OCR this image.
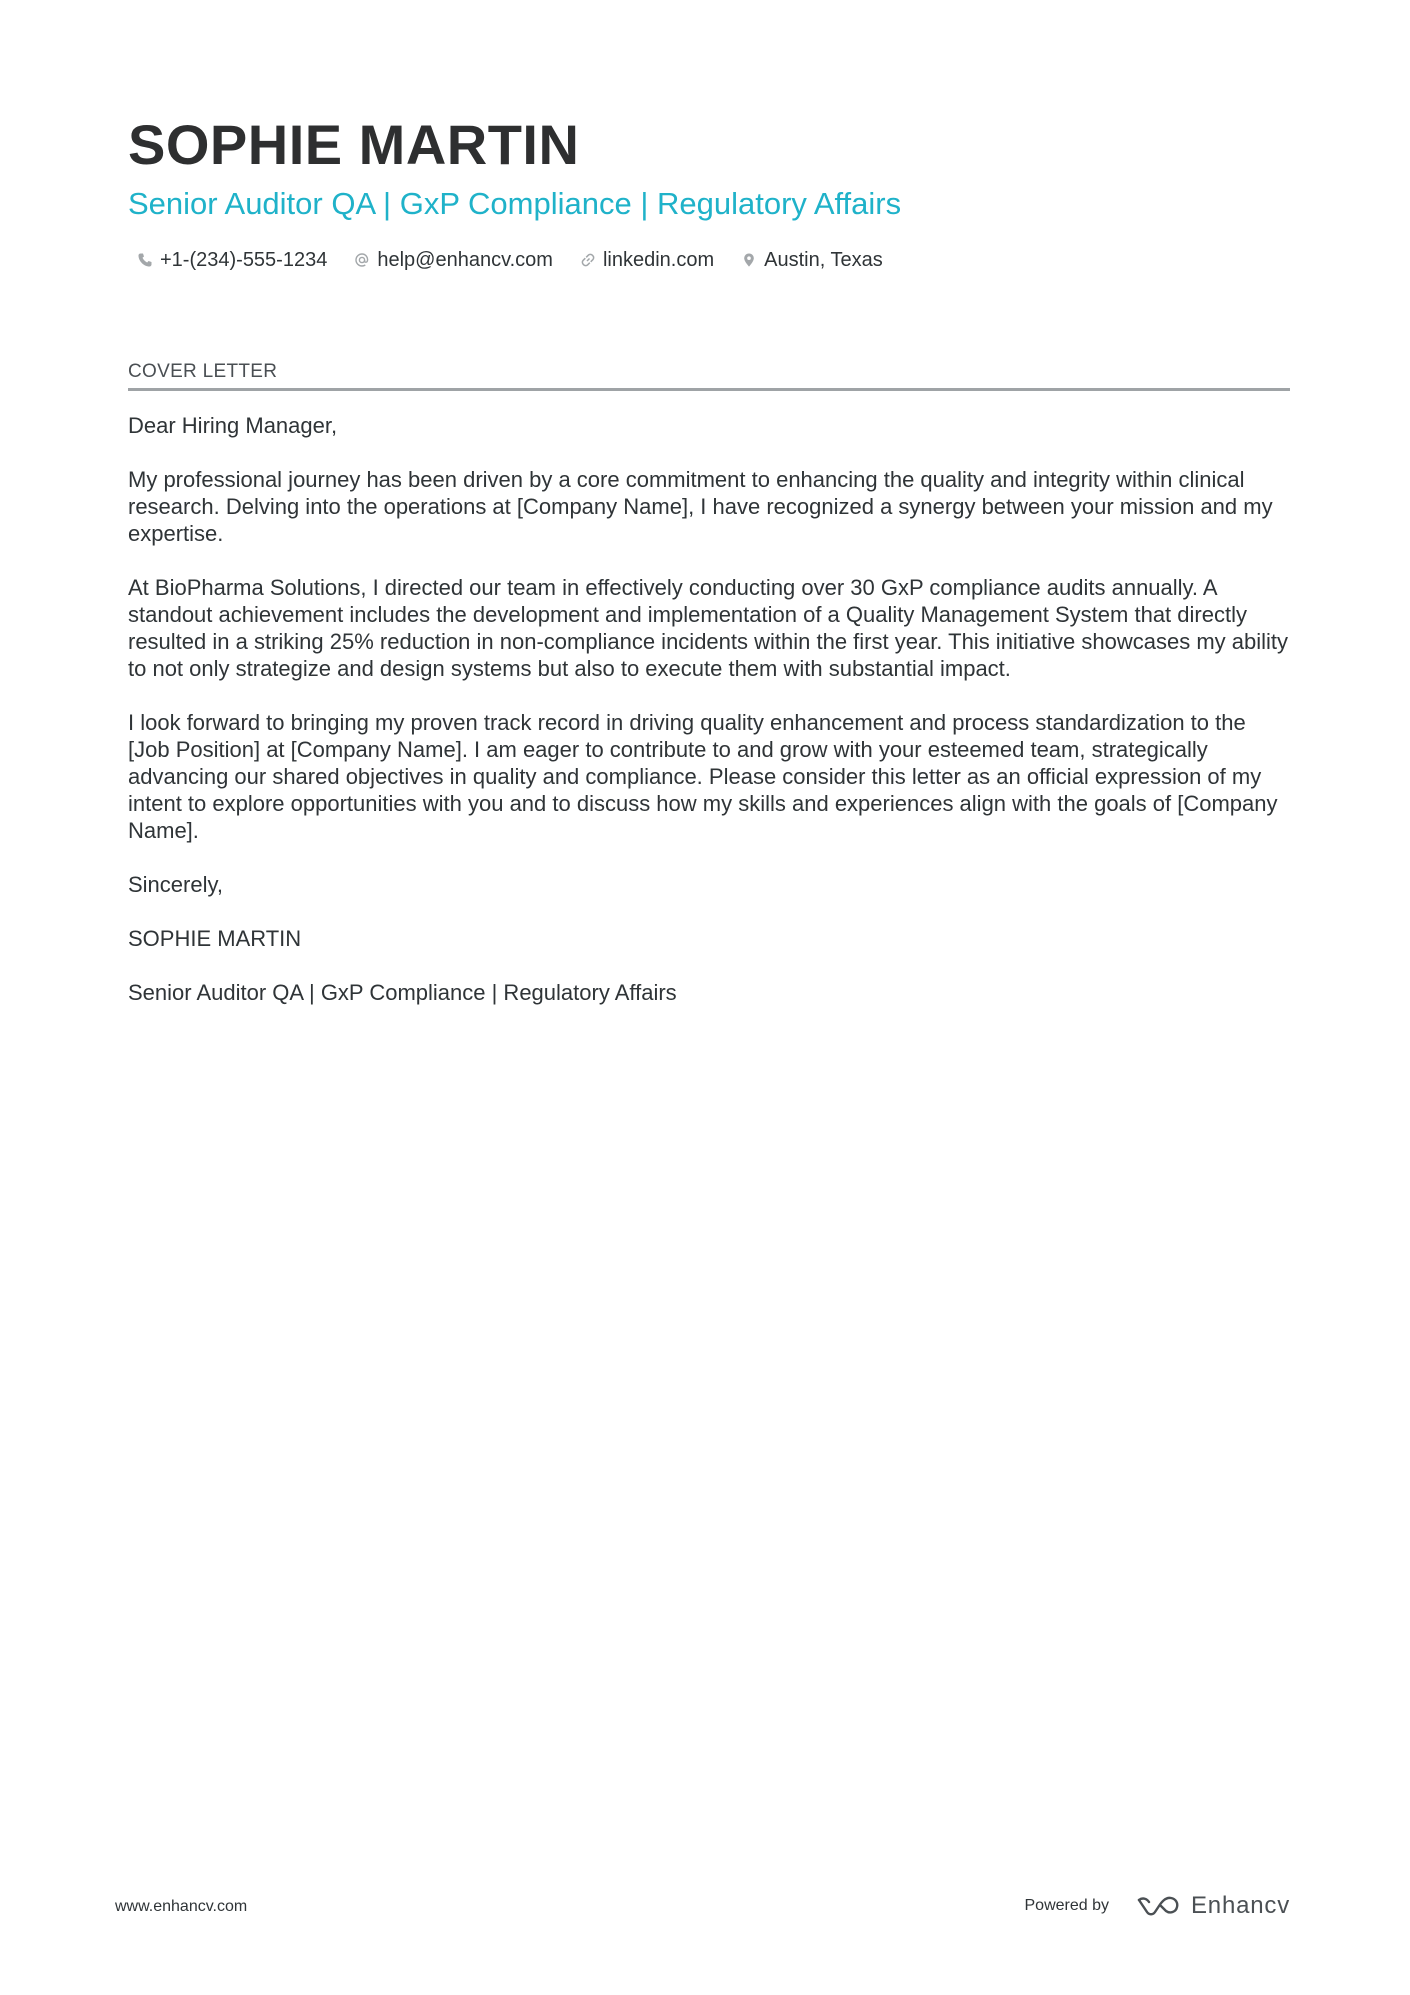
SOPHIE MARTIN
Senior Auditor QA | GxP Compliance | Regulatory Affairs
+1-(234)-555-1234	help@enhancv.com	linkedin.com	Austin, Texas
COVER LETTER

Dear Hiring Manager,

My professional journey has been driven by a core commitment to enhancing the quality and integrity within clinical research. Delving into the operations at [Company Name], I have recognized a synergy between your mission and my expertise.

At BioPharma Solutions, I directed our team in effectively conducting over 30 GxP compliance audits annually. A standout achievement includes the development and implementation of a Quality Management System that directly resulted in a striking 25% reduction in non-compliance incidents within the first year. This initiative showcases my ability to not only strategize and design systems but also to execute them with substantial impact.

I look forward to bringing my proven track record in driving quality enhancement and process standardization to the [Job Position] at [Company Name]. I am eager to contribute to and grow with your esteemed team, strategically advancing our shared objectives in quality and compliance. Please consider this letter as an official expression of my intent to explore opportunities with you and to discuss how my skills and experiences align with the goals of [Company Name].

Sincerely,

SOPHIE MARTIN

Senior Auditor QA | GxP Compliance | Regulatory Affairs

www.enhancv.com	Powered by	Enhancv
